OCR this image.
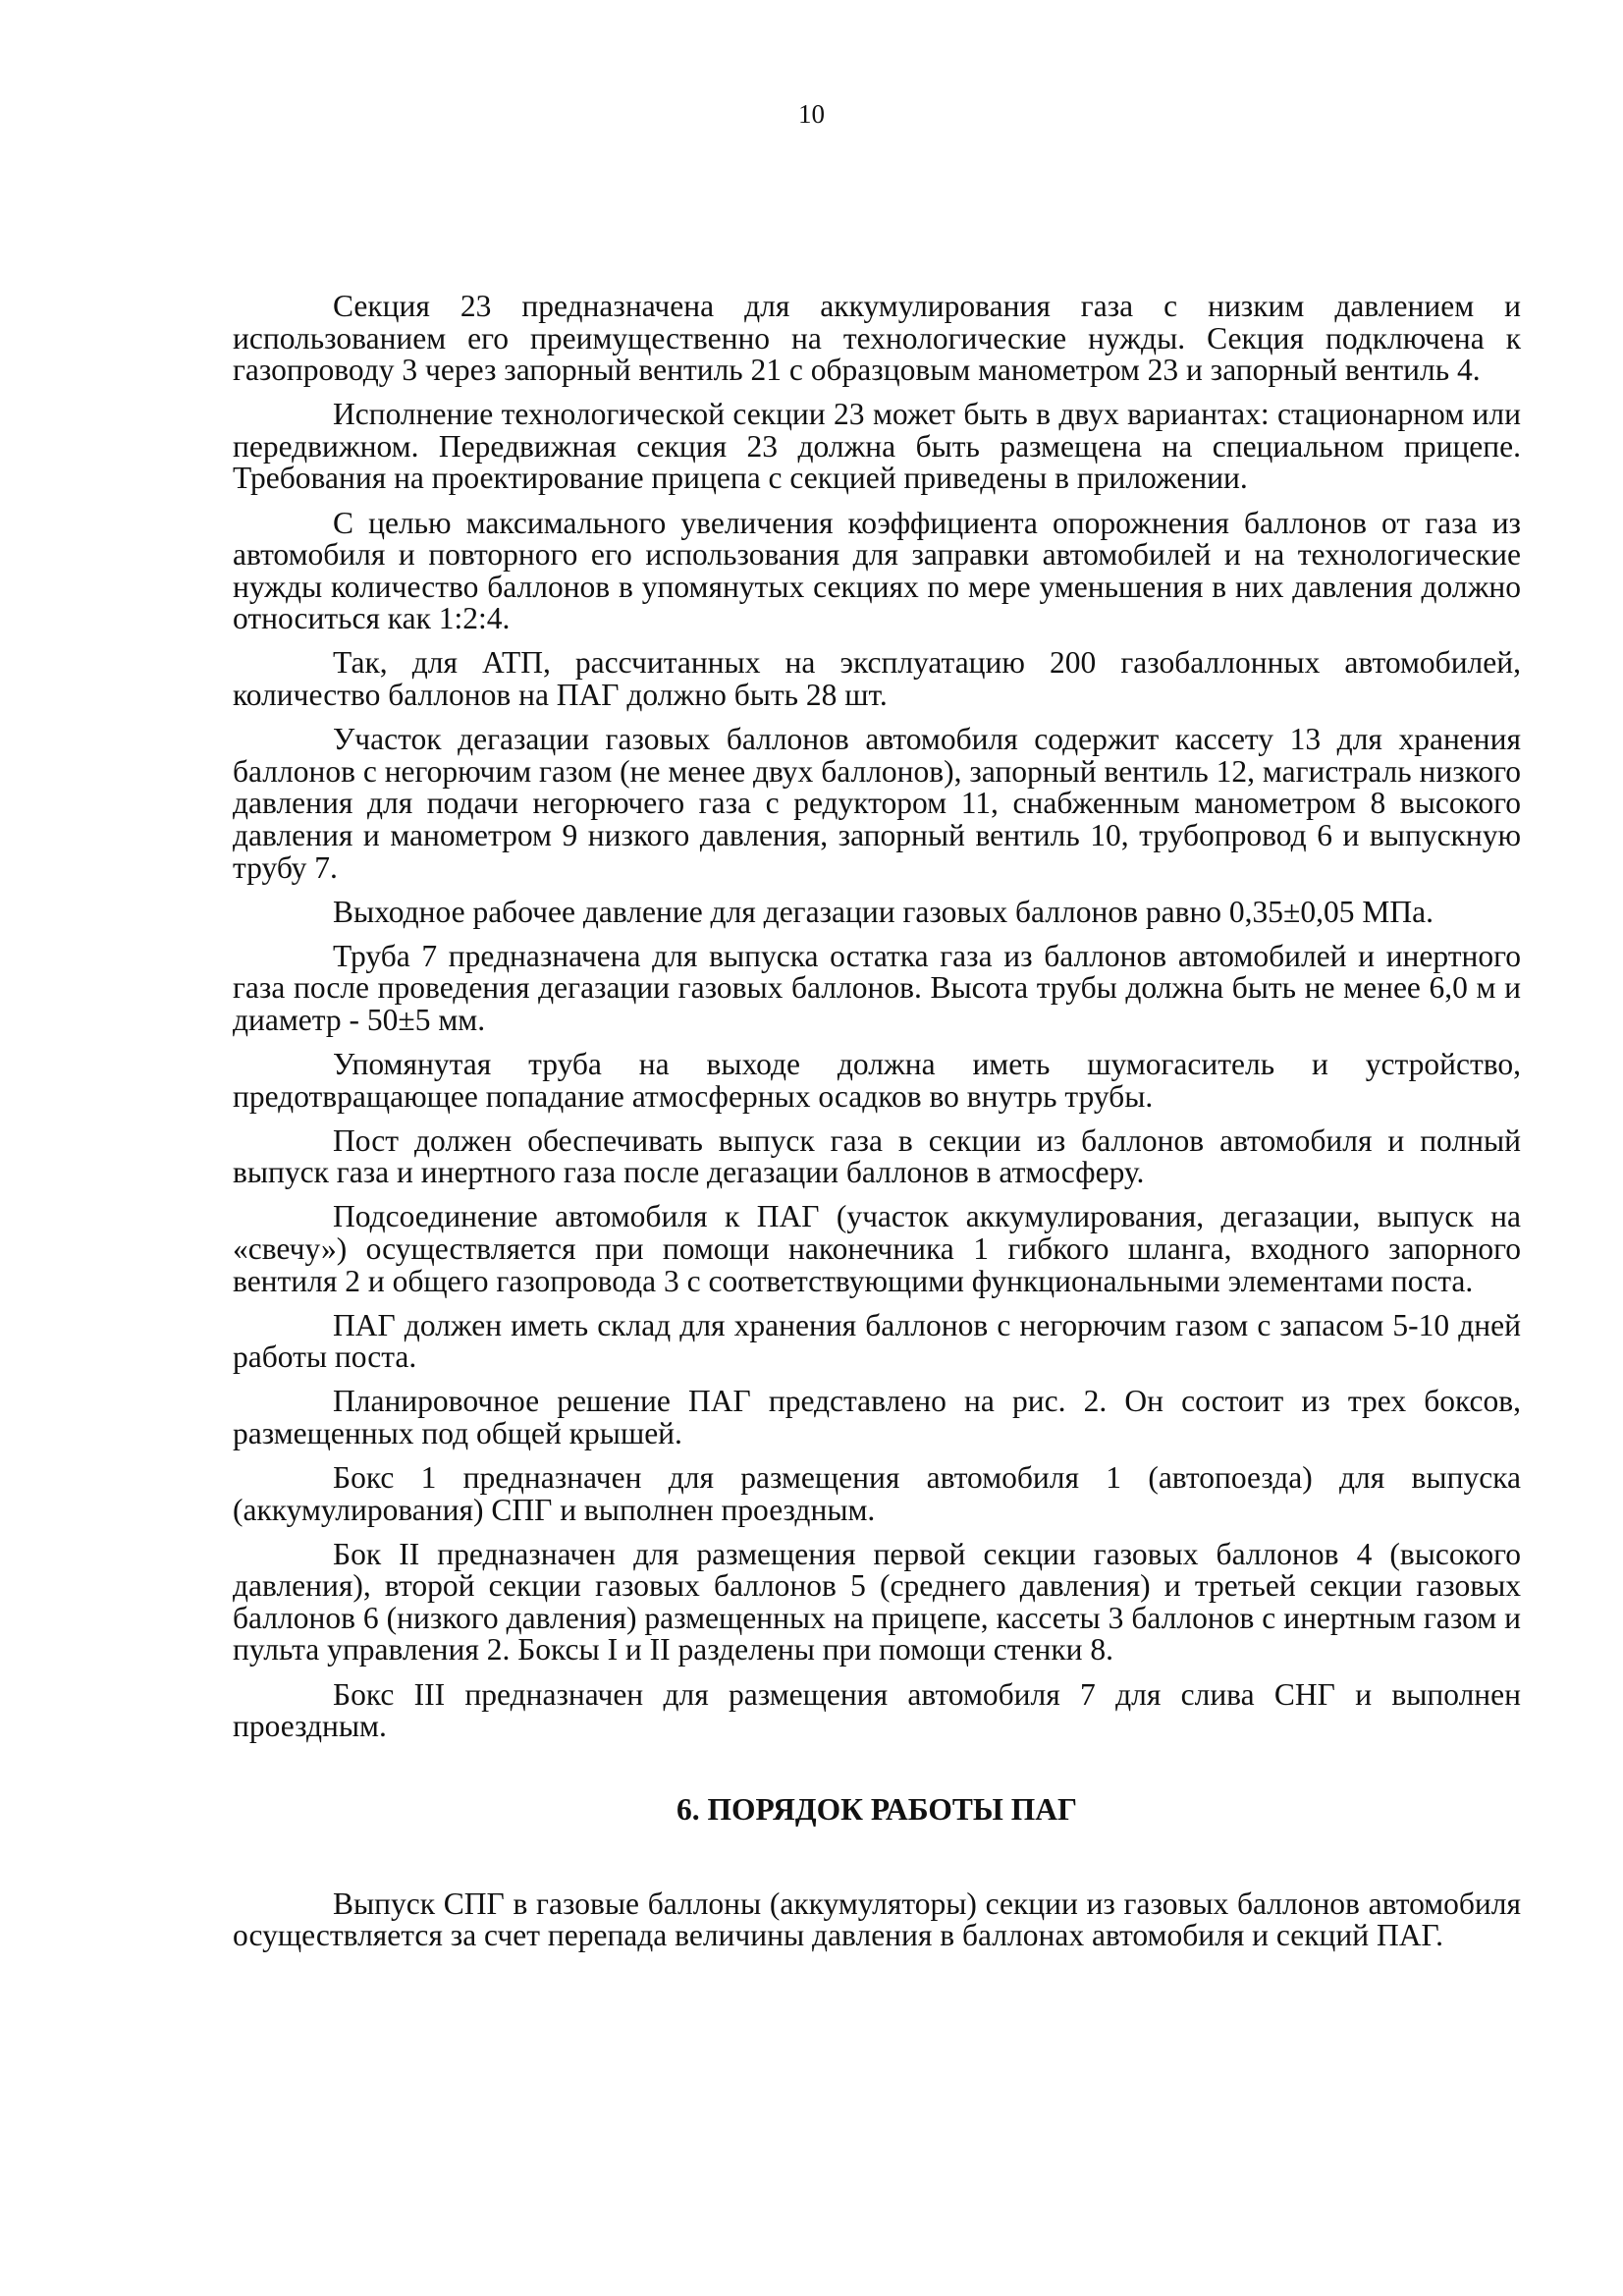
10

Секция 23 предназначена для аккумулирования газа с низким давлением и использованием его преимущественно на технологические нужды. Секция подключена к газопроводу 3 через запорный вентиль 21 с образцовым манометром 23 и запорный вентиль 4.

Исполнение технологической секции 23 может быть в двух вариантах: стационарном или передвижном. Передвижная секция 23 должна быть размещена на специальном прицепе. Требования на проектирование прицепа с секцией приведены в приложении.

С целью максимального увеличения коэффициента опорожнения баллонов от газа из автомобиля и повторного его использования для заправки автомобилей и на технологические нужды количество баллонов в упомянутых секциях по мере уменьшения в них давления должно относиться как 1:2:4.

Так, для АТП, рассчитанных на эксплуатацию 200 газобаллонных автомобилей, количество баллонов на ПАГ должно быть 28 шт.

Участок дегазации газовых баллонов автомобиля содержит кассету 13 для хранения баллонов с негорючим газом (не менее двух баллонов), запорный вентиль 12, магистраль низкого давления для подачи негорючего газа с редуктором 11, снабженным манометром 8 высокого давления и манометром 9 низкого давления, запорный вентиль 10, трубопровод 6 и выпускную трубу 7.

Выходное рабочее давление для дегазации газовых баллонов равно 0,35±0,05 МПа.

Труба 7 предназначена для выпуска остатка газа из баллонов автомобилей и инертного газа после проведения дегазации газовых баллонов. Высота трубы должна быть не менее 6,0 м и диаметр - 50±5 мм.

Упомянутая труба на выходе должна иметь шумогаситель и устройство, предотвращающее попадание атмосферных осадков во внутрь трубы.

Пост должен обеспечивать выпуск газа в секции из баллонов автомобиля и полный выпуск газа и инертного газа после дегазации баллонов в атмосферу.

Подсоединение автомобиля к ПАГ (участок аккумулирования, дегазации, выпуск на «свечу») осуществляется при помощи наконечника 1 гибкого шланга, входного запорного вентиля 2 и общего газопровода 3 с соответствующими функциональными элементами поста.

ПАГ должен иметь склад для хранения баллонов с негорючим газом с запасом 5-10 дней работы поста.

Планировочное решение ПАГ представлено на рис. 2. Он состоит из трех боксов, размещенных под общей крышей.

Бокс 1 предназначен для размещения автомобиля 1 (автопоезда) для выпуска (аккумулирования) СПГ и выполнен проездным.

Бок II предназначен для размещения первой секции газовых баллонов 4 (высокого давления), второй секции газовых баллонов 5 (среднего давления) и третьей секции газовых баллонов 6 (низкого давления) размещенных на прицепе, кассеты 3 баллонов с инертным газом и пульта управления 2. Боксы I и II разделены при помощи стенки 8.

Бокс III предназначен для размещения автомобиля 7 для слива СНГ и выполнен проездным.

6. ПОРЯДОК РАБОТЫ ПАГ

Выпуск СПГ в газовые баллоны (аккумуляторы) секции из газовых баллонов автомобиля осуществляется за счет перепада величины давления в баллонах автомобиля и секций ПАГ.
